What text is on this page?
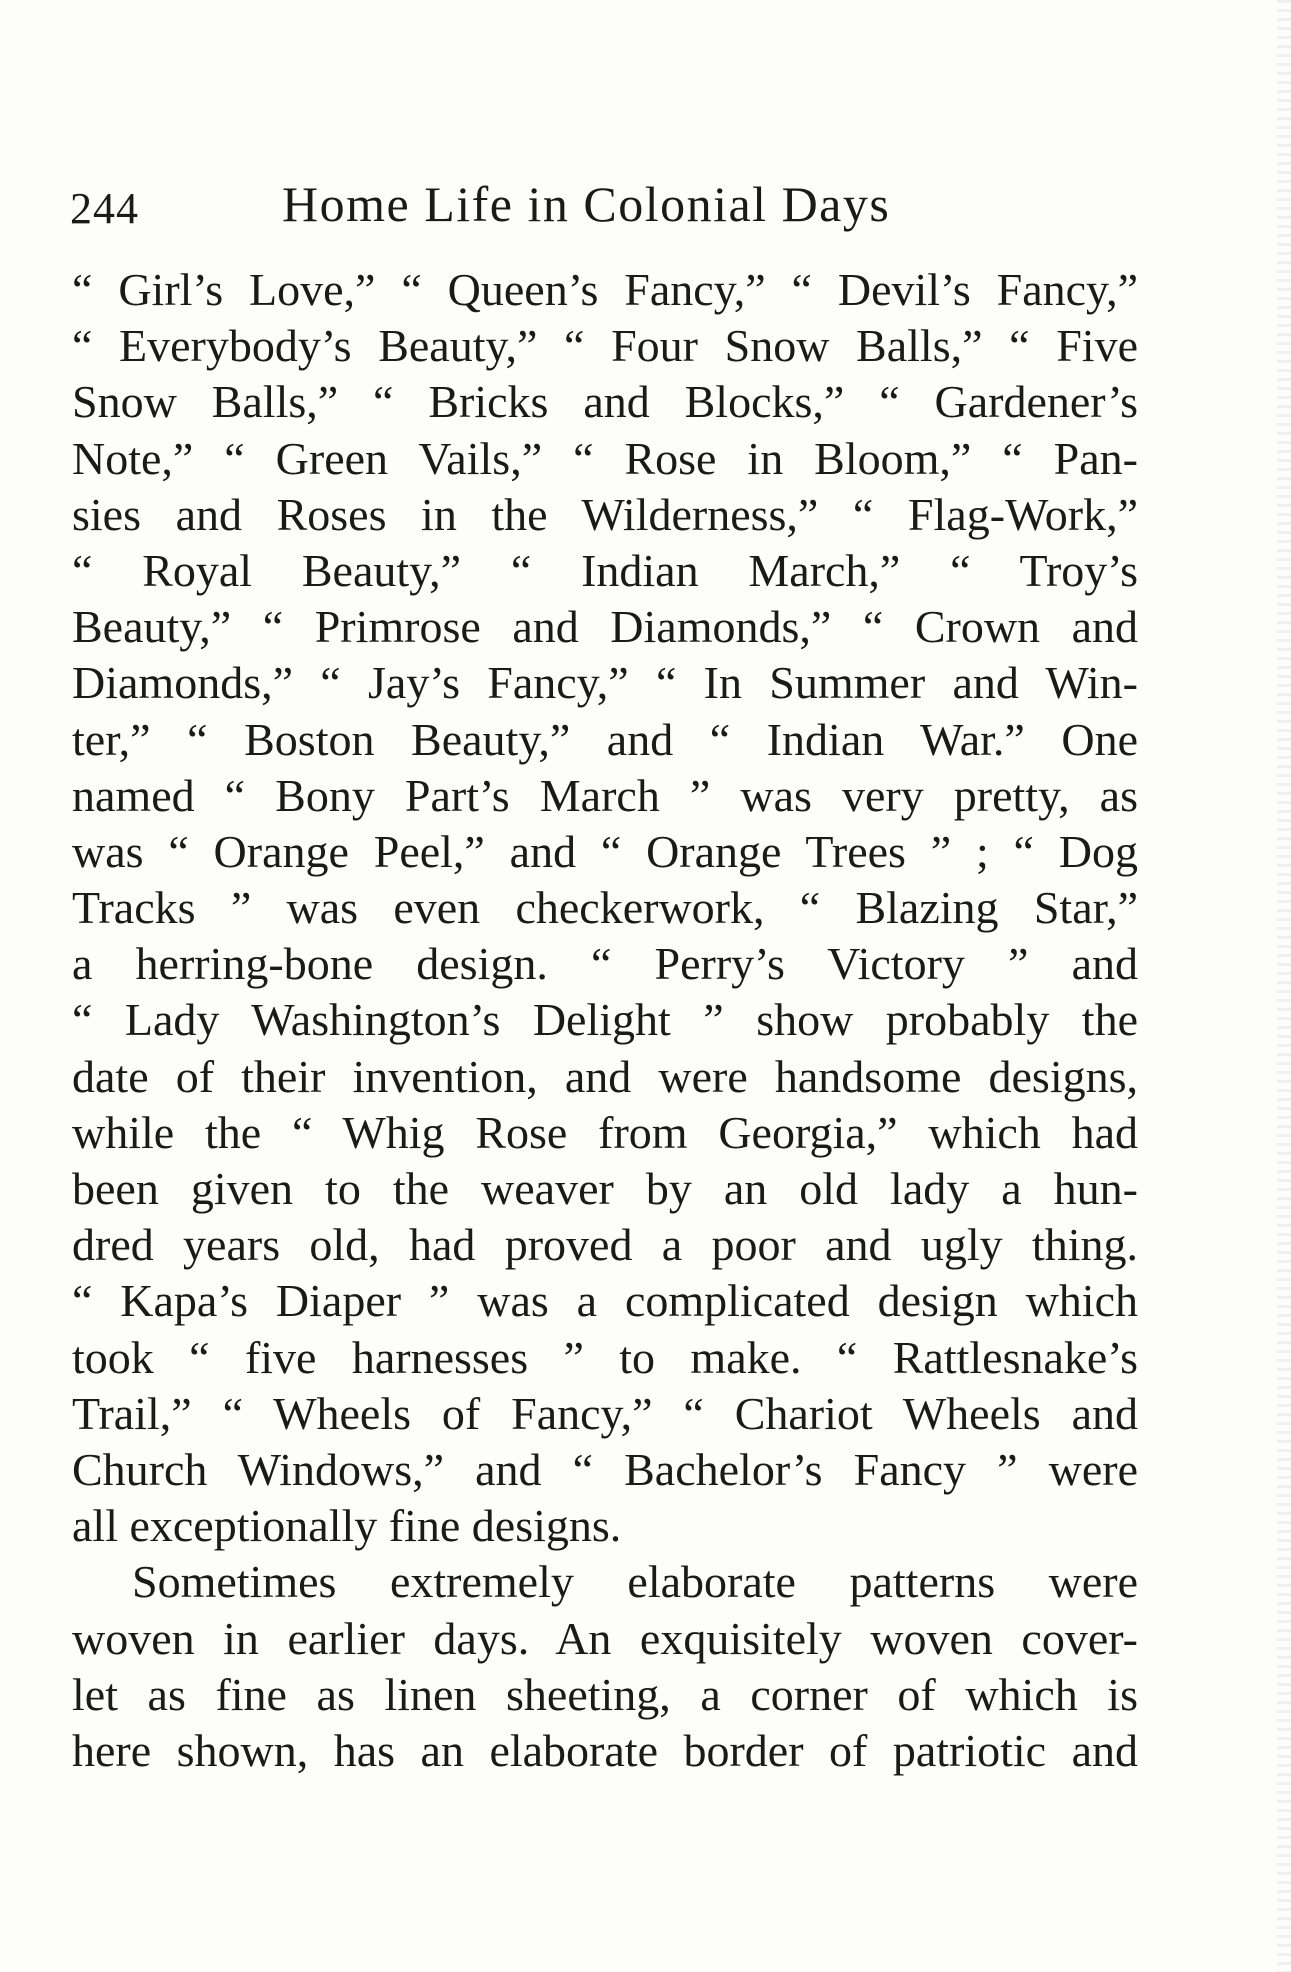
244	Home Life in Colonial Days
“ Girl’s Love,” “ Queen’s Fancy,” “ Devil’s Fancy,”
“ Everybody’s Beauty,” “ Four Snow Balls,” “ Five
Snow Balls,” “ Bricks and Blocks,” “ Gardener’s
Note,” “ Green Vails,” “ Rose in Bloom,” “ Pan-
sies and Roses in the Wilderness,” “ Flag-Work,”
“ Royal Beauty,” “ Indian March,” “ Troy’s
Beauty,” “ Primrose and Diamonds,” “ Crown and
Diamonds,” “ Jay’s Fancy,” “ In Summer and Win-
ter,” “ Boston Beauty,” and “ Indian War.” One
named “ Bony Part’s March ” was very pretty, as
was “ Orange Peel,” and “ Orange Trees ” ; “ Dog
Tracks ” was even checkerwork, “ Blazing Star,”
a herring-bone design. “ Perry’s Victory ” and
“ Lady Washington’s Delight ” show probably the
date of their invention, and were handsome designs,
while the “ Whig Rose from Georgia,” which had
been given to the weaver by an old lady a hun-
dred years old, had proved a poor and ugly thing.
“ Kapa’s Diaper ” was a complicated design which
took “ five harnesses ” to make. “ Rattlesnake’s
Trail,” “ Wheels of Fancy,” “ Chariot Wheels and
Church Windows,” and “ Bachelor’s Fancy ” were
all exceptionally fine designs.
Sometimes extremely elaborate patterns were
woven in earlier days. An exquisitely woven cover-
let as fine as linen sheeting, a corner of which is
here shown, has an elaborate border of patriotic and
